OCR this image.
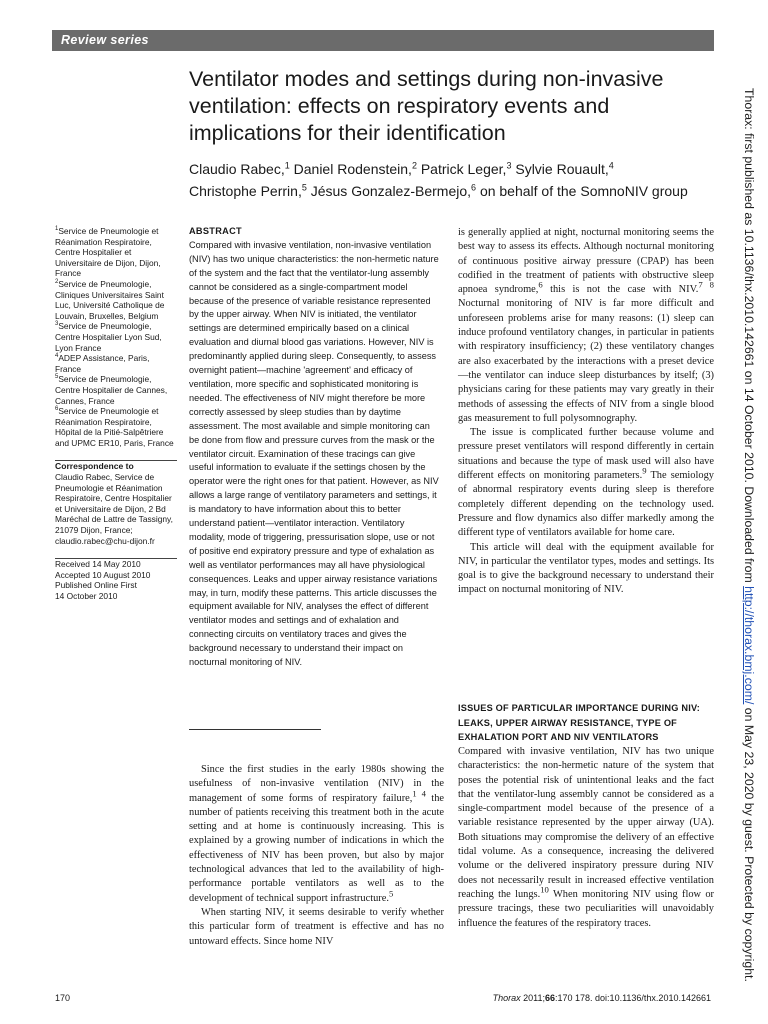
Review series
Ventilator modes and settings during non-invasive ventilation: effects on respiratory events and implications for their identification
Claudio Rabec,$^1$ Daniel Rodenstein,$^2$ Patrick Leger,$^3$ Sylvie Rouault,$^4$
Christophe Perrin,$^5$ Jésus Gonzalez-Bermejo,$^6$ on behalf of the SomnoNIV group

$^1$Service de Pneumologie et Réanimation Respiratoire, Centre Hospitalier et Universitaire de Dijon, Dijon, France

$^2$Service de Pneumologie, Cliniques Universitaires Saint Luc, Université Catholique de Louvain, Bruxelles, Belgium

$^3$Service de Pneumologie, Centre Hospitalier Lyon Sud, Lyon France

$^4$ADEP Assistance, Paris, France

$^5$Service de Pneumologie, Centre Hospitalier de Cannes, Cannes, France

$^6$Service de Pneumologie et Réanimation Respiratoire, Hôpital de la Pitié-Salpêtriere and UPMC ER10, Paris, France

Correspondence to

Claudio Rabec, Service de Pneumologie et Réanimation Respiratoire, Centre Hospitalier et Universitaire de Dijon, 2 Bd Maréchal de Lattre de Tassigny, 21079 Dijon, France; claudio.rabec@chu-dijon.fr

Received 14 May 2010

Accepted 10 August 2010

Published Online First

14 October 2010

ABSTRACT

Compared with invasive ventilation, non-invasive ventilation (NIV) has two unique characteristics: the non-hermetic nature of the system and the fact that the ventilator-lung assembly cannot be considered as a single-compartment model because of the presence of variable resistance represented by the upper airway. When NIV is initiated, the ventilator settings are determined empirically based on a clinical evaluation and diurnal blood gas variations. However, NIV is predominantly applied during sleep. Consequently, to assess overnight patient—machine 'agreement' and efficacy of ventilation, more specific and sophisticated monitoring is needed. The effectiveness of NIV might therefore be more correctly assessed by sleep studies than by daytime assessment. The most available and simple monitoring can be done from flow and pressure curves from the mask or the ventilator circuit. Examination of these tracings can give useful information to evaluate if the settings chosen by the operator were the right ones for that patient. However, as NIV allows a large range of ventilatory parameters and settings, it is mandatory to have information about this to better understand patient—ventilator interaction. Ventilatory modality, mode of triggering, pressurisation slope, use or not of positive end expiratory pressure and type of exhalation as well as ventilator performances may all have physiological consequences. Leaks and upper airway resistance variations may, in turn, modify these patterns. This article discusses the equipment available for NIV, analyses the effect of different ventilator modes and settings and of exhalation and connecting circuits on ventilatory traces and gives the background necessary to understand their impact on nocturnal monitoring of NIV.

Since the first studies in the early 1980s showing the usefulness of non-invasive ventilation (NIV) in the management of some forms of respiratory failure,$^{1 4}$ the number of patients receiving this treatment both in the acute setting and at home is continuously increasing. This is explained by a growing number of indications in which the effectiveness of NIV has been proven, but also by major technological advances that led to the availability of high-performance portable ventilators as well as to the development of technical support infrastructure.$^5$

When starting NIV, it seems desirable to verify whether this particular form of treatment is effective and has no untoward effects. Since home NIV

is generally applied at night, nocturnal monitoring seems the best way to assess its effects. Although nocturnal monitoring of continuous positive airway pressure (CPAP) has been codified in the treatment of patients with obstructive sleep apnoea syndrome,$^6$ this is not the case with NIV.$^{7 8}$ Nocturnal monitoring of NIV is far more difficult and unforeseen problems arise for many reasons: (1) sleep can induce profound ventilatory changes, in particular in patients with respiratory insufficiency; (2) these ventilatory changes are also exacerbated by the interactions with a preset device—the ventilator can induce sleep disturbances by itself; (3) physicians caring for these patients may vary greatly in their methods of assessing the effects of NIV from a single blood gas measurement to full polysomnography.

The issue is complicated further because volume and pressure preset ventilators will respond differently in certain situations and because the type of mask used will also have different effects on monitoring parameters.$^9$ The semiology of abnormal respiratory events during sleep is therefore completely different depending on the technology used. Pressure and flow dynamics also differ markedly among the different type of ventilators available for home care.

This article will deal with the equipment available for NIV, in particular the ventilator types, modes and settings. Its goal is to give the background necessary to understand their impact on nocturnal monitoring of NIV.

ISSUES OF PARTICULAR IMPORTANCE DURING NIV: LEAKS, UPPER AIRWAY RESISTANCE, TYPE OF EXHALATION PORT AND NIV VENTILATORS

Compared with invasive ventilation, NIV has two unique characteristics: the non-hermetic nature of the system that poses the potential risk of unintentional leaks and the fact that the ventilator-lung assembly cannot be considered as a single-compartment model because of the presence of a variable resistance represented by the upper airway (UA). Both situations may compromise the delivery of an effective tidal volume. As a consequence, increasing the delivered volume or the delivered inspiratory pressure during NIV does not necessarily result in increased effective ventilation reaching the lungs.$^{10}$ When monitoring NIV using flow or pressure tracings, these two peculiarities will unavoidably influence the features of the respiratory traces.

Thorax: first published as 10.1136/thx.2010.142661 on 14 October 2010. Downloaded from http://thorax.bmj.com/ on May 23, 2020 by guest. Protected by copyright.
170	Thorax 2011;66:170 178. doi:10.1136/thx.2010.142661
